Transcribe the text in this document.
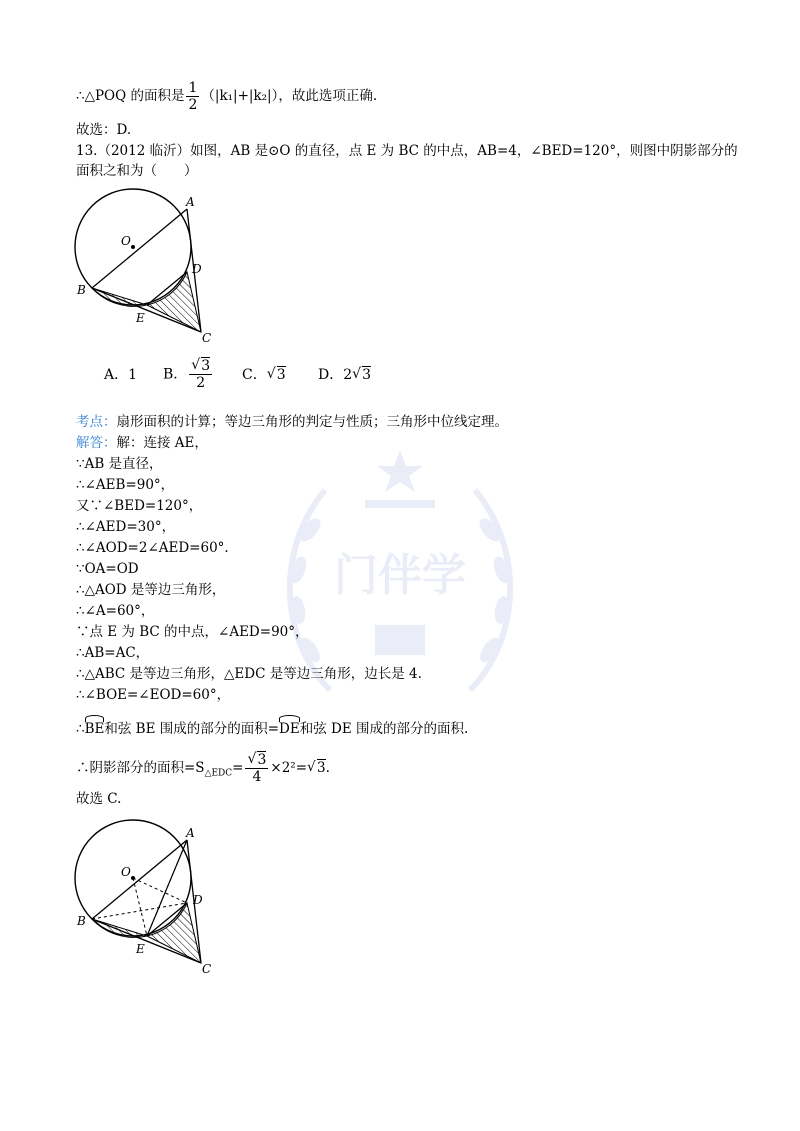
门伴学
∴△POQ 的面积是 $\frac{1}{2} (|k_1|+|k_2|)$，故此选项正确.
故选：D.
13.（2012 临沂）如图，AB 是⊙O 的直径，点 E 为 BC 的中点，AB=4，∠BED=120°，则图中阴影部分的
面积之和为（　　）
O
A
D
B
E
C
A．1 B．
√ $\frac{3}{2}$ C．√ 3 D．2√ 3
考点：扇形面积的计算；等边三角形的判定与性质；三角形中位线定理。
解答：解：连接 AE，
∵AB 是直径，
∴∠AEB=90°，
又∵∠BED=120°，
∴∠AED=30°，
∴∠AOD=2∠AED=60°.
∵OA=OD
∴△AOD 是等边三角形，
∴∠A=60°，
∵点 E 为 BC 的中点，∠AED=90°，
∴AB=AC，
∴△ABC 是等边三角形，△EDC 是等边三角形，边长是 4.
∴∠BOE=∠EOD=60°，
∴BE和弦 BE 围成的部分的面积=DE和弦 DE 围成的部分的面积.
∴阴影部分的面积$=S_{\triangle EDC}=$
√ $\frac{3}{4} \times 2^2=√$ 3.
故选 C.
O
A
D
B
E
C
